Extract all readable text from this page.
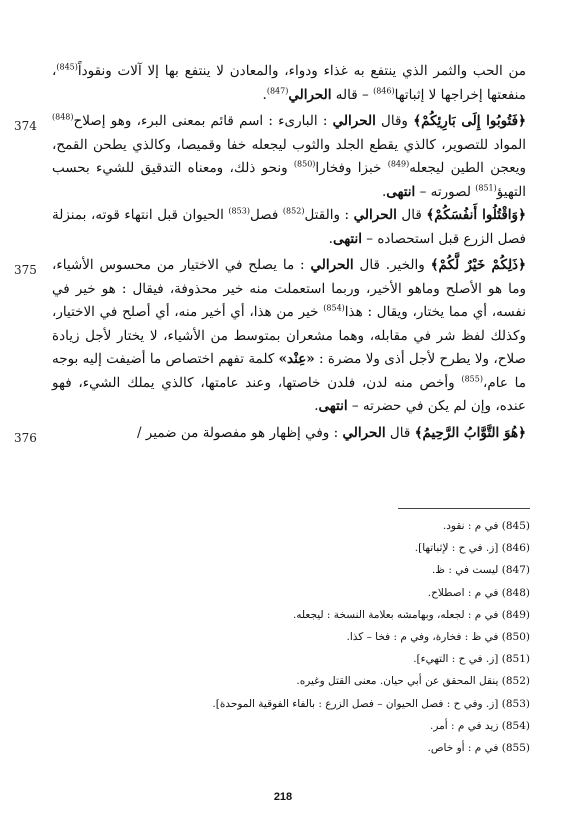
من الحب والثمر الذي ينتفع به غذاء ودواء، والمعادن لا ينتفع بها إلا آلات ونقوداً$^{(845)}$، منفعتها إخراجها لا إثباتها$^{(846)}$ – قاله الحرالي$^{(847)}$.

374	﴿فَتُوبُوا إِلَى بَارِئِكُمْ﴾ وقال الحرالي : البارىء : اسم قائم بمعنى البرء، وهو إصلاح$^{(848)}$ المواد للتصوير، كالذي يقطع الجلد والثوب ليجعله خفا وقميصا، وكالذي يطحن القمح، ويعجن الطين ليجعله$^{(849)}$ خبزا وفخارا$^{(850)}$ ونحو ذلك، ومعناه التدقيق للشيء بحسب التهيؤ$^{(851)}$ لصورته – انتهى.

﴿وَاقْتُلُوا أَنفُسَكُمْ﴾ قال الحرالي : والقتل$^{(852)}$ فصل$^{(853)}$ الحيوان قبل انتهاء قوته، بمنزلة فصل الزرع قبل استحصاده – انتهى.

375	﴿ذَلِكُمْ خَيْرٌ لَّكُمْ﴾ والخير. قال الحرالي : ما يصلح في الاختيار من محسوس الأشياء، وما هو الأصلح وماهو الأخير، وربما استعملت منه خير محذوفة، فيقال : هو خير في نفسه، أي مما يختار، ويقال : هذا$^{(854)}$ خير من هذا، أي أخير منه، أي أصلح في الاختيار، وكذلك لفظ شر في مقابله، وهما مشعران بمتوسط من الأشياء، لا يختار لأجل زيادة صلاح، ولا يطرح لأجل أذى ولا مضرة : «عِنْد» كلمة تفهم اختصاص ما أضيفت إليه بوجه ما عام،$^{(855)}$ وأخص منه لدن، فلدن خاصتها، وعند عامتها، كالذي يملك الشيء، فهو عنده، وإن لم يكن في حضرته – انتهى.

376	﴿هُوَ التَّوَّابُ الرَّحِيمُ﴾ قال الحرالي : وفي إظهار هو مفصولة من ضمير /

(845) في م : نقود.
(846) [ز. في ح : لإثباتها].
(847) ليست في : ظ.
(848) في م : اصطلاح.
(849) في م : لجعله، وبهامشه بعلامة النسخة : ليجعله.
(850) في ظ : فخارة، وفي م : فخا – كذا.
(851) [ز. في ح : التهيء].
(852) ينقل المحقق عن أبي حيان. معنى القتل وغيره.
(853) [ز. وفي ح : فصل الحيوان – فصل الزرع : بالفاء الفوقية الموحدة].
(854) زيد في م : أمر.
(855) في م : أو خاص.
218
